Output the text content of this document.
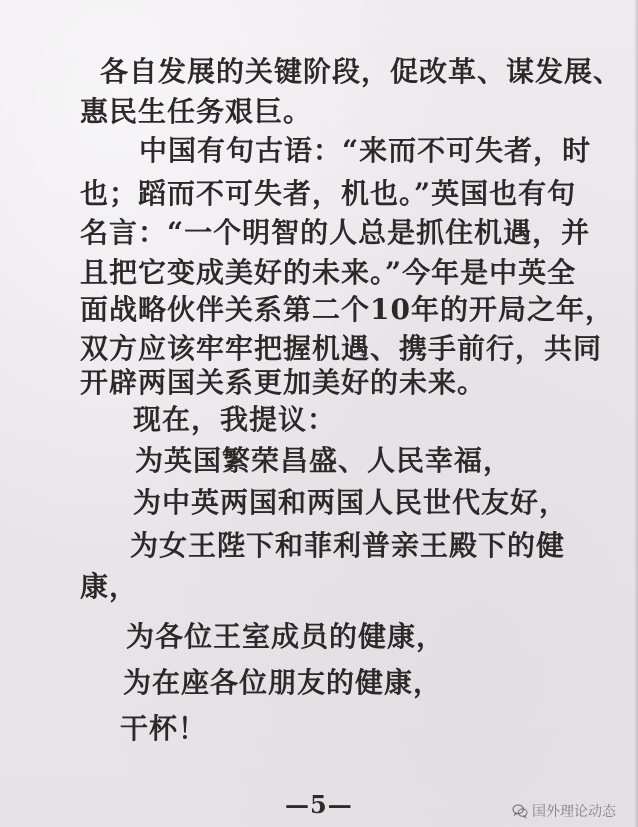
各自发展的关键阶段，促改革、谋发展、
惠民生任务艰巨。
中国有句古语：“来而不可失者，时
也；蹈而不可失者，机也。”英国也有句
名言：“一个明智的人总是抓住机遇，并
且把它变成美好的未来。”今年是中英全
面战略伙伴关系第二个10年的开局之年，
双方应该牢牢把握机遇、携手前行，共同
开辟两国关系更加美好的未来。
现在，我提议：
为英国繁荣昌盛、人民幸福，
为中英两国和两国人民世代友好，
为女王陛下和菲利普亲王殿下的健
康，
为各位王室成员的健康，
为在座各位朋友的健康，
干杯！
—5—	国外理论动态
